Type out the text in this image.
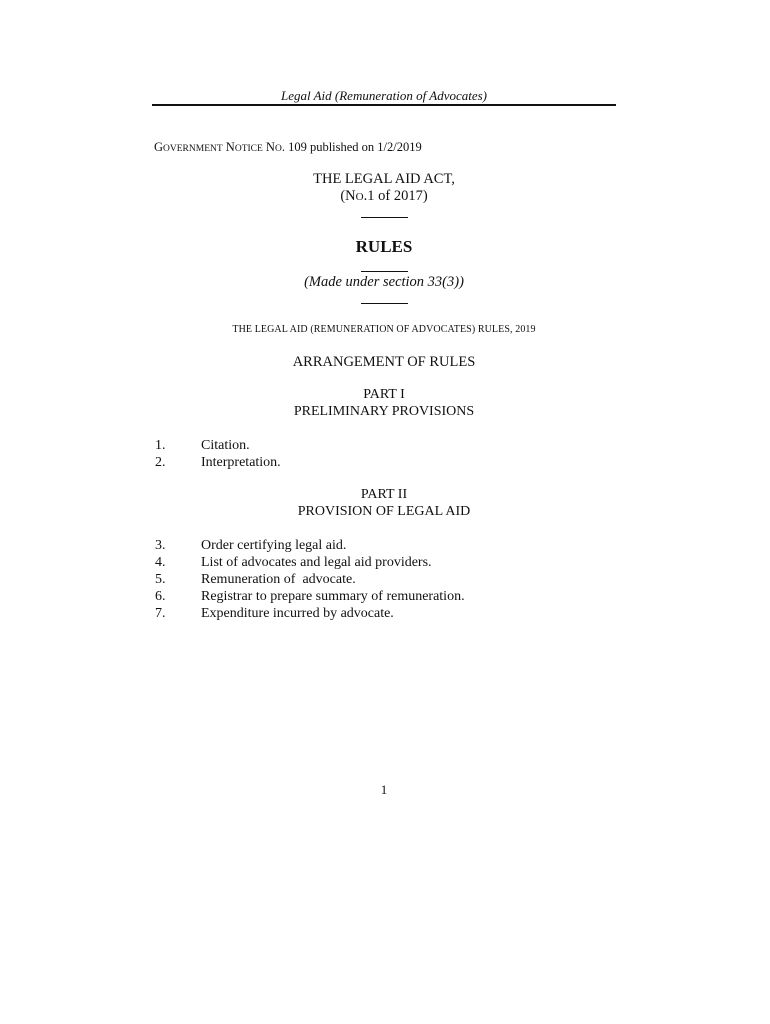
Legal Aid (Remuneration of Advocates)
GOVERNMENT NOTICE NO. 109 published on 1/2/2019
THE LEGAL AID ACT,
(NO.1 of 2017)
RULES
(Made under section 33(3))
THE LEGAL AID (REMUNERATION OF ADVOCATES) RULES, 2019
ARRANGEMENT OF RULES
PART I
PRELIMINARY PROVISIONS
1.	Citation.
2.	Interpretation.
PART II
PROVISION OF LEGAL AID
3.	Order certifying legal aid.
4.	List of advocates and legal aid providers.
5.	Remuneration of  advocate.
6.	Registrar to prepare summary of remuneration.
7.	Expenditure incurred by advocate.
1
